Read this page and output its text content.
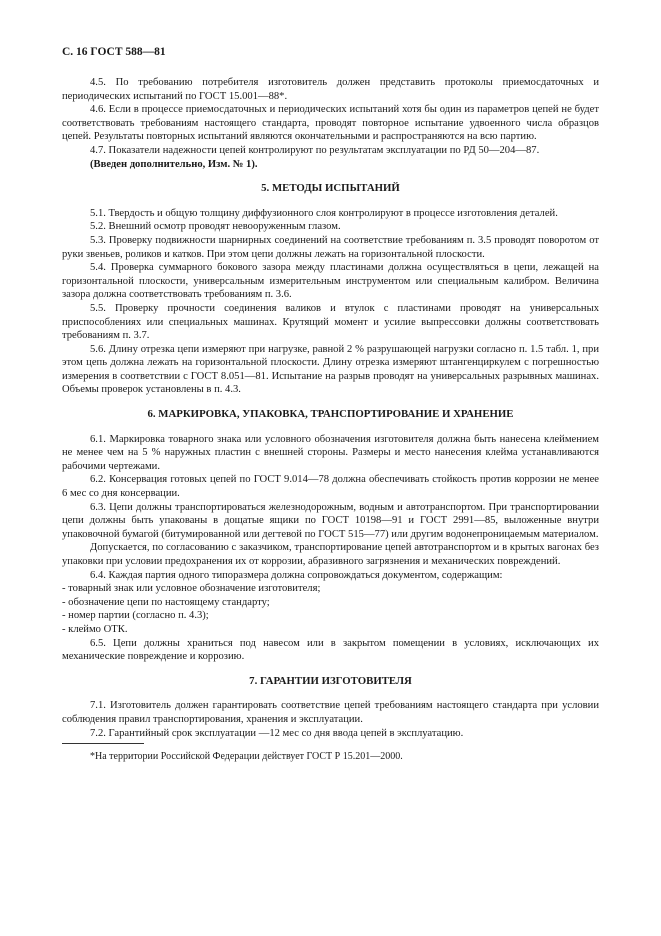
С. 16 ГОСТ 588—81

4.5. По требованию потребителя изготовитель должен представить протоколы приемосдаточных и периодических испытаний по ГОСТ 15.001—88*.

4.6. Если в процессе приемосдаточных и периодических испытаний хотя бы один из параметров цепей не будет соответствовать требованиям настоящего стандарта, проводят повторное испытание удвоенного числа образцов цепей. Результаты повторных испытаний являются окончательными и распространяются на всю партию.

4.7. Показатели надежности цепей контролируют по результатам эксплуатации по РД 50—204—87.

(Введен дополнительно, Изм. № 1).

5. МЕТОДЫ ИСПЫТАНИЙ

5.1. Твердость и общую толщину диффузионного слоя контролируют в процессе изготовления деталей.

5.2. Внешний осмотр проводят невооруженным глазом.

5.3. Проверку подвижности шарнирных соединений на соответствие требованиям п. 3.5 проводят поворотом от руки звеньев, роликов и катков. При этом цепи должны лежать на горизонтальной плоскости.

5.4. Проверка суммарного бокового зазора между пластинами должна осуществляться в цепи, лежащей на горизонтальной плоскости, универсальным измерительным инструментом или специальным калибром. Величина зазора должна соответствовать требованиям п. 3.6.

5.5. Проверку прочности соединения валиков и втулок с пластинами проводят на универсальных приспособлениях или специальных машинах. Крутящий момент и усилие выпрессовки должны соответствовать требованиям п. 3.7.

5.6. Длину отрезка цепи измеряют при нагрузке, равной 2 % разрушающей нагрузки согласно п. 1.5 табл. 1, при этом цепь должна лежать на горизонтальной плоскости. Длину отрезка измеряют штангенциркулем с погрешностью измерения в соответствии с ГОСТ 8.051—81. Испытание на разрыв проводят на универсальных разрывных машинах. Объемы проверок установлены в п. 4.3.

6. МАРКИРОВКА, УПАКОВКА, ТРАНСПОРТИРОВАНИЕ И ХРАНЕНИЕ

6.1. Маркировка товарного знака или условного обозначения изготовителя должна быть нанесена клеймением не менее чем на 5 % наружных пластин с внешней стороны. Размеры и место нанесения клейма устанавливаются рабочими чертежами.

6.2. Консервация готовых цепей по ГОСТ 9.014—78 должна обеспечивать стойкость против коррозии не менее 6 мес со дня консервации.

6.3. Цепи должны транспортироваться железнодорожным, водным и автотранспортом. При транспортировании цепи должны быть упакованы в дощатые ящики по ГОСТ 10198—91 и ГОСТ 2991—85, выложенные внутри упаковочной бумагой (битумированной или дегтевой по ГОСТ 515—77) или другим водонепроницаемым материалом.

Допускается, по согласованию с заказчиком, транспортирование цепей автотранспортом и в крытых вагонах без упаковки при условии предохранения их от коррозии, абразивного загрязнения и механических повреждений.

6.4. Каждая партия одного типоразмера должна сопровождаться документом, содержащим:

- товарный знак или условное обозначение изготовителя;

- обозначение цепи по настоящему стандарту;

- номер партии (согласно п. 4.3);

- клеймо ОТК.

6.5. Цепи должны храниться под навесом или в закрытом помещении в условиях, исключающих их механические повреждение и коррозию.

7. ГАРАНТИИ ИЗГОТОВИТЕЛЯ

7.1. Изготовитель должен гарантировать соответствие цепей требованиям настоящего стандарта при условии соблюдения правил транспортирования, хранения и эксплуатации.

7.2. Гарантийный срок эксплуатации —12 мес со дня ввода цепей в эксплуатацию.

*На территории Российской Федерации действует ГОСТ Р 15.201—2000.
